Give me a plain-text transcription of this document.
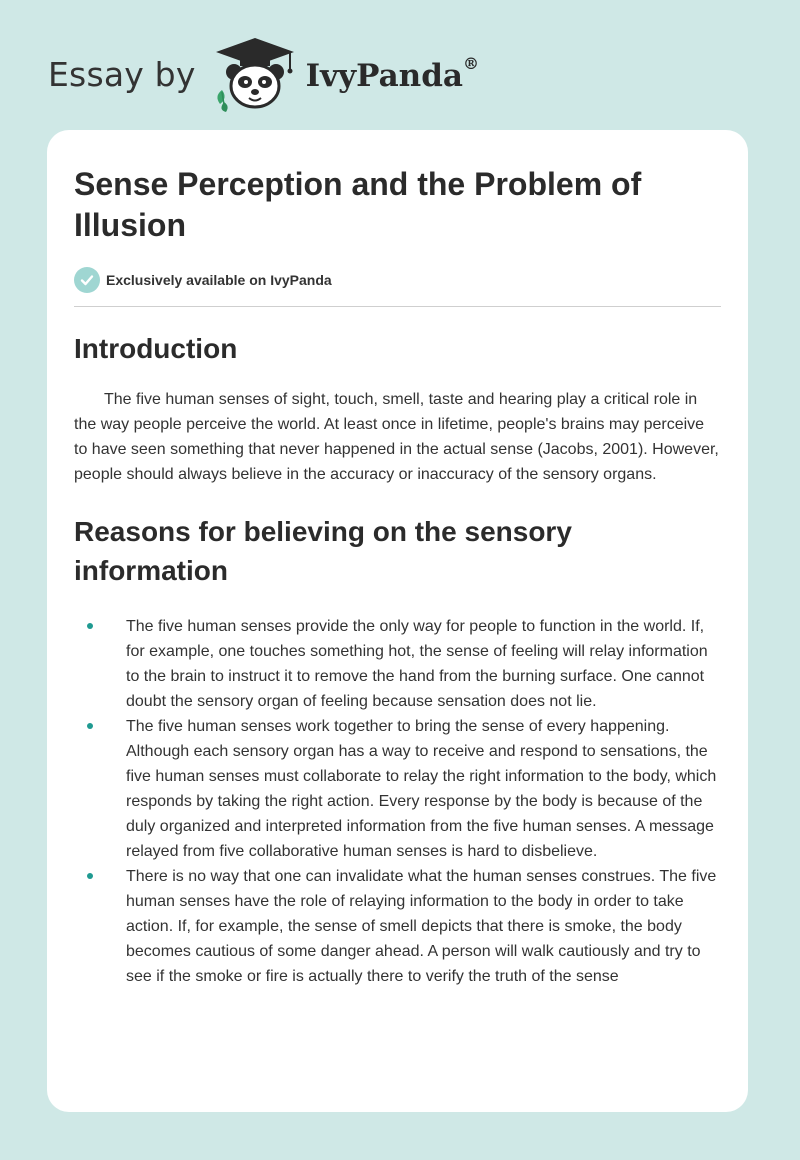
Essay by	IvyPanda®
Sense Perception and the Problem of Illusion
Exclusively available on IvyPanda
Introduction

The five human senses of sight, touch, smell, taste and hearing play a critical role in the way people perceive the world. At least once in lifetime, people's brains may perceive to have seen something that never happened in the actual sense (Jacobs, 2001). However, people should always believe in the accuracy or inaccuracy of the sensory organs.

Reasons for believing on the sensory information
The five human senses provide the only way for people to function in the world. If, for example, one touches something hot, the sense of feeling will relay information to the brain to instruct it to remove the hand from the burning surface. One cannot doubt the sensory organ of feeling because sensation does not lie.
The five human senses work together to bring the sense of every happening. Although each sensory organ has a way to receive and respond to sensations, the five human senses must collaborate to relay the right information to the body, which responds by taking the right action. Every response by the body is because of the duly organized and interpreted information from the five human senses. A message relayed from five collaborative human senses is hard to disbelieve.
There is no way that one can invalidate what the human senses construes. The five human senses have the role of relaying information to the body in order to take action. If, for example, the sense of smell depicts that there is smoke, the body becomes cautious of some danger ahead. A person will walk cautiously and try to see if the smoke or fire is actually there to verify the truth of the sense
